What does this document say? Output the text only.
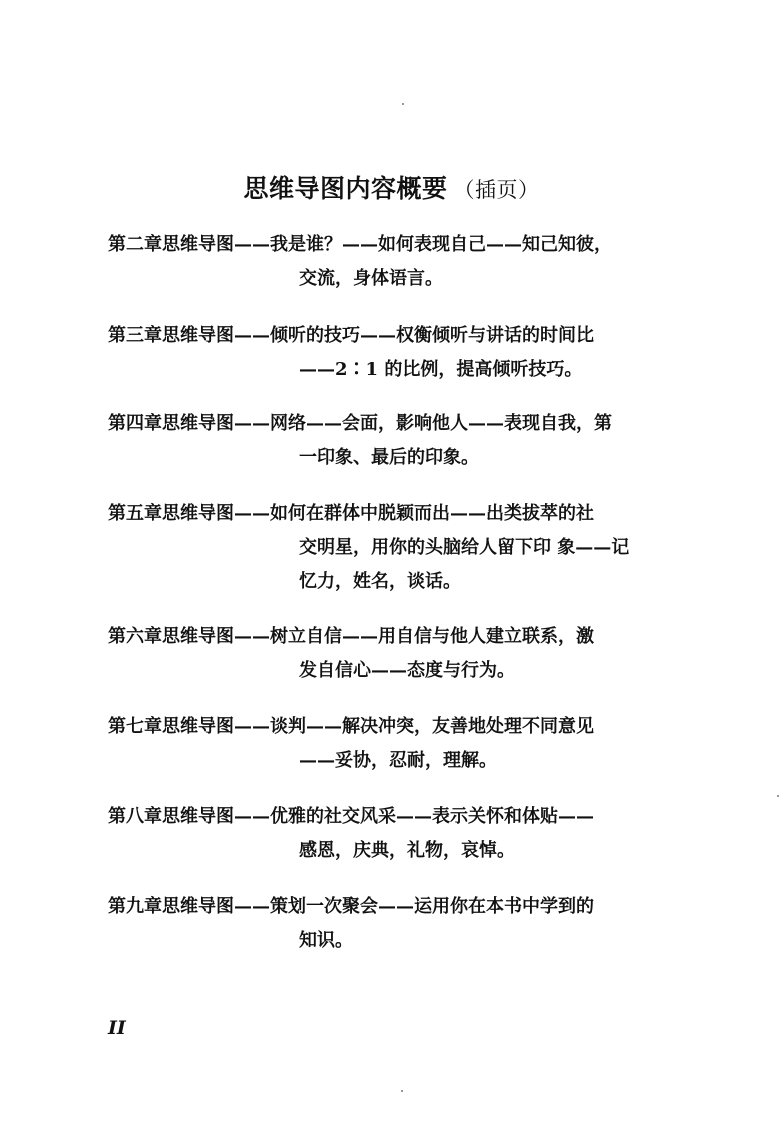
思维导图内容概要 （插页）
第二章思维导图——我是谁？——如何表现自己——知己知彼，
交流，身体语言。
第三章思维导图——倾听的技巧——权衡倾听与讲话的时间比
——2∶1 的比例，提高倾听技巧。
第四章思维导图——网络——会面，影响他人——表现自我，第
一印象、最后的印象。
第五章思维导图——如何在群体中脱颖而出——出类拔萃的社
交明星，用你的头脑给人留下印 象——记
忆力，姓名，谈话。
第六章思维导图——树立自信——用自信与他人建立联系，激
发自信心——态度与行为。
第七章思维导图——谈判——解决冲突，友善地处理不同意见
——妥协，忍耐，理解。
第八章思维导图——优雅的社交风采——表示关怀和体贴——
感恩，庆典，礼物，哀悼。
第九章思维导图——策划一次聚会——运用你在本书中学到的
知识。
II
